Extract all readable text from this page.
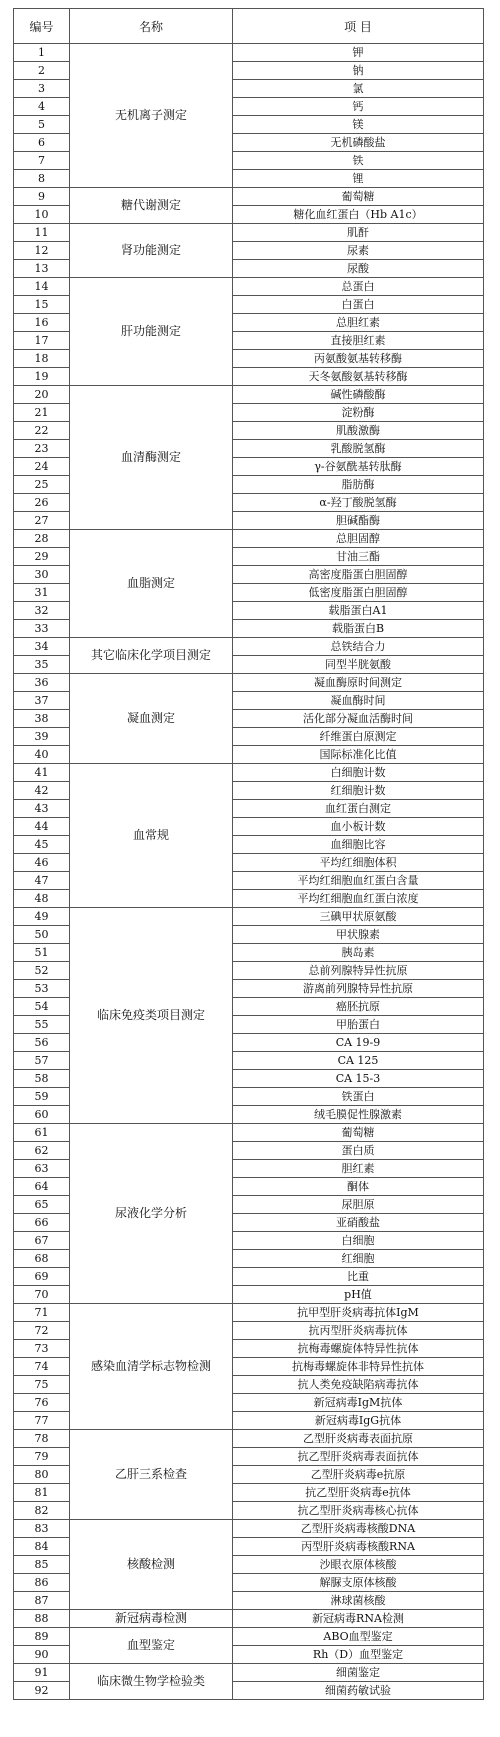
编号	名称	项 目
1	无机离子测定	钾
2		钠
3		氯
4		钙
5		镁
6		无机磷酸盐
7		铁
8		锂
9	糖代谢测定	葡萄糖
10		糖化血红蛋白（Hb A1c）
11	肾功能测定	肌酐
12		尿素
13		尿酸
14	肝功能测定	总蛋白
15		白蛋白
16		总胆红素
17		直接胆红素
18		丙氨酸氨基转移酶
19		天冬氨酸氨基转移酶
20	血清酶测定	碱性磷酸酶
21		淀粉酶
22		肌酸激酶
23		乳酸脱氢酶
24		γ-谷氨酰基转肽酶
25		脂肪酶
26		α-羟丁酸脱氢酶
27		胆碱酯酶
28	血脂测定	总胆固醇
29		甘油三酯
30		高密度脂蛋白胆固醇
31		低密度脂蛋白胆固醇
32		载脂蛋白A1
33		载脂蛋白B
34	其它临床化学项目测定	总铁结合力
35		同型半胱氨酸
36	凝血测定	凝血酶原时间测定
37		凝血酶时间
38		活化部分凝血活酶时间
39		纤维蛋白原测定
40		国际标准化比值
41	血常规	白细胞计数
42		红细胞计数
43		血红蛋白测定
44		血小板计数
45		血细胞比容
46		平均红细胞体积
47		平均红细胞血红蛋白含量
48		平均红细胞血红蛋白浓度
49	临床免疫类项目测定	三碘甲状原氨酸
50		甲状腺素
51		胰岛素
52		总前列腺特异性抗原
53		游离前列腺特异性抗原
54		癌胚抗原
55		甲胎蛋白
56		CA 19-9
57		CA 125
58		CA 15-3
59		铁蛋白
60		绒毛膜促性腺激素
61	尿液化学分析	葡萄糖
62		蛋白质
63		胆红素
64		酮体
65		尿胆原
66		亚硝酸盐
67		白细胞
68		红细胞
69		比重
70		pH值
71	感染血清学标志物检测	抗甲型肝炎病毒抗体IgM
72		抗丙型肝炎病毒抗体
73		抗梅毒螺旋体特异性抗体
74		抗梅毒螺旋体非特异性抗体
75		抗人类免疫缺陷病毒抗体
76		新冠病毒IgM抗体
77		新冠病毒IgG抗体
78	乙肝三系检查	乙型肝炎病毒表面抗原
79		抗乙型肝炎病毒表面抗体
80		乙型肝炎病毒e抗原
81		抗乙型肝炎病毒e抗体
82		抗乙型肝炎病毒核心抗体
83	核酸检测	乙型肝炎病毒核酸DNA
84		丙型肝炎病毒核酸RNA
85		沙眼衣原体核酸
86		解脲支原体核酸
87		淋球菌核酸
88	新冠病毒检测	新冠病毒RNA检测
89	血型鉴定	ABO血型鉴定
90		Rh（D）血型鉴定
91	临床微生物学检验类	细菌鉴定
92		细菌药敏试验
